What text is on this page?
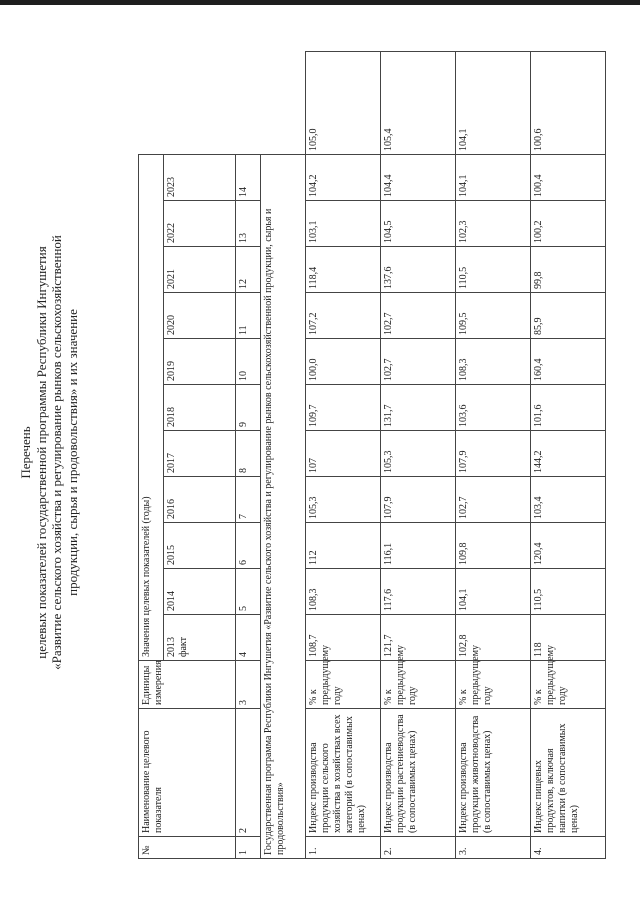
Перечень целевых показателей государственной программы Республики Ингушетия «Развитие сельского хозяйства и регулирование рынков сельскохозяйственной продукции, сырья и продовольствия» и их значение
№	Наименование целевого показателя	Единицы измерения	Значения целевых показателей (годы)											
			2013 факт	2014	2015	2016	2017	2018	2019	2020	2021	2022	2023	
1	2	3	4	5	6	7	8	9	10	11	12	13	14	
Государственная программа Республики Ингушетия «Развитие сельского хозяйства и регулирование рынков сельскохозяйственной продукции, сырья и продовольствия»														
1.	Индекс производства продукции сельского хозяйства в хозяйствах всех категорий (в сопоставимых ценах)	% к предыдущему году	108,7	108,3	112	105,3	107	109,7	100,0	107,2	118,4	103,1	104,2	105,0
2.	Индекс производства продукции растениеводства (в сопоставимых ценах)	% к предыдущему году	121,7	117,6	116,1	107,9	105,3	131,7	102,7	102,7	137,6	104,5	104,4	105,4
3.	Индекс производства продукции животноводства (в сопоставимых ценах)	% к предыдущему году	102,8	104,1	109,8	102,7	107,9	103,6	108,3	109,5	110,5	102,3	104,1	104,1
4.	Индекс пищевых продуктов, включая напитки (в сопоставимых ценах)	% к предыдущему году	118	110,5	120,4	103,4	144,2	101,6	160,4	85,9	99,8	100,2	100,4	100,6
